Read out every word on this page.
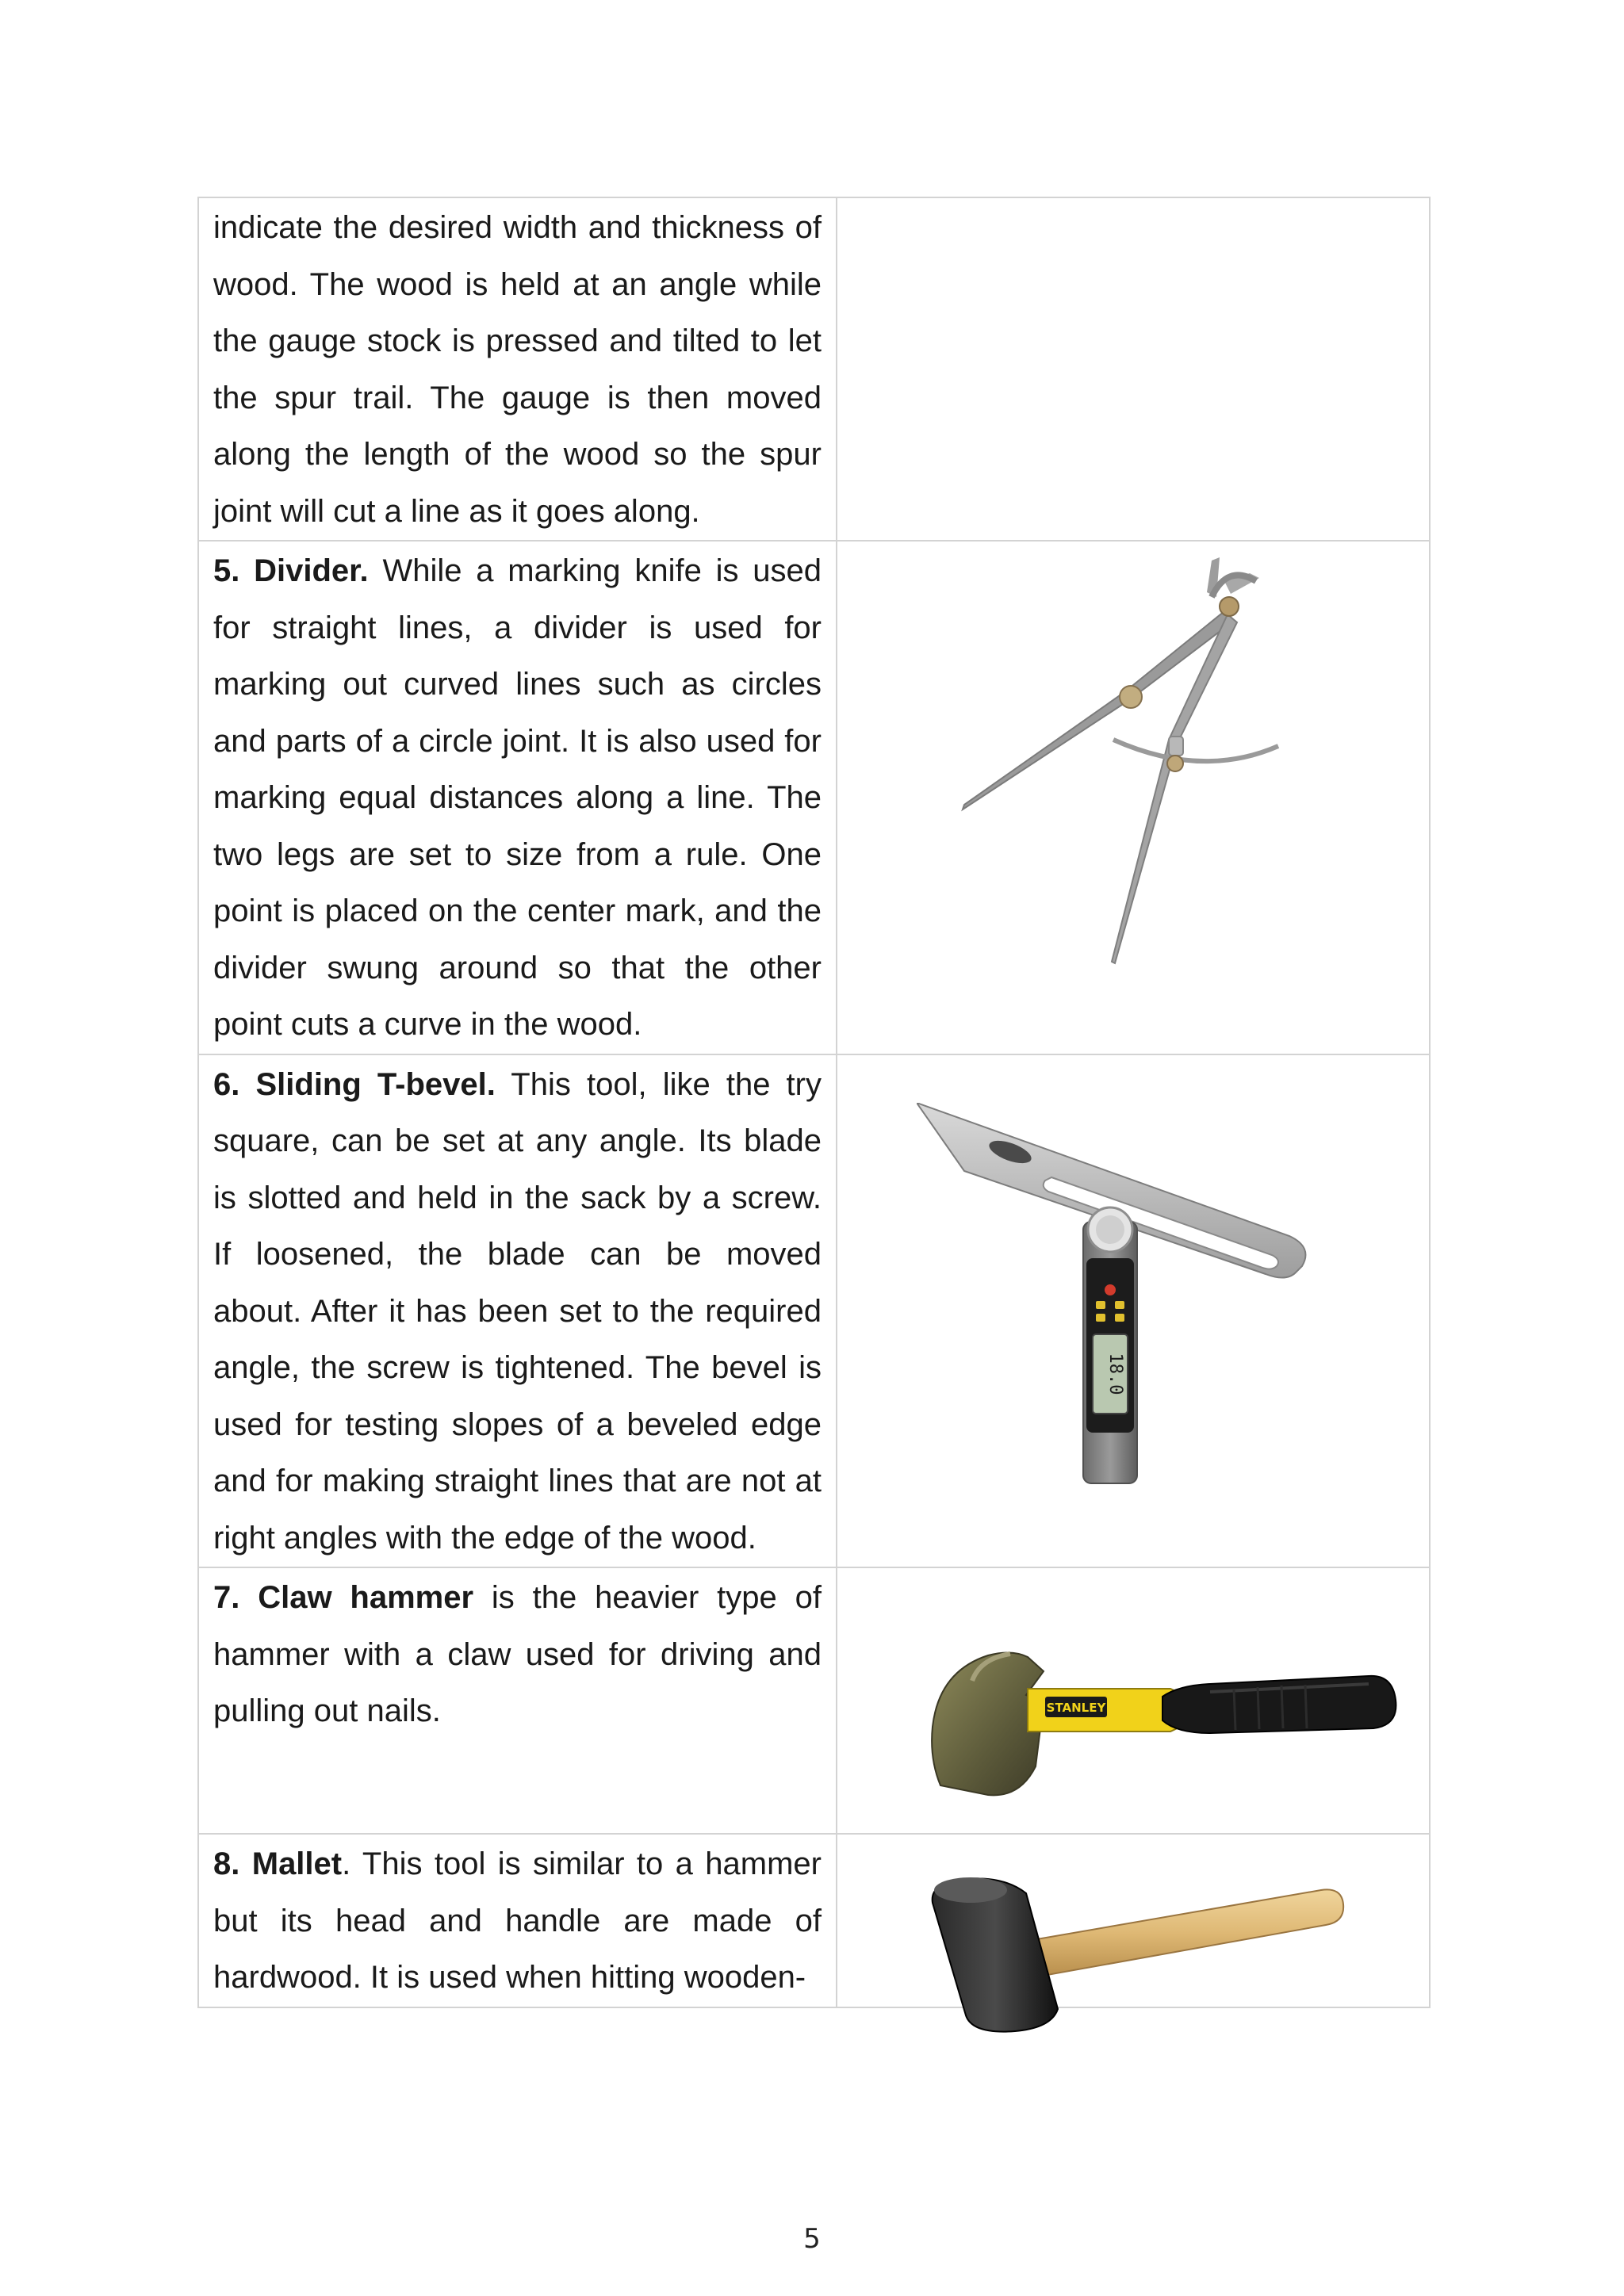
indicate the desired width and thickness of wood. The wood is held at an angle while the gauge stock is pressed and tilted to let the spur trail. The gauge is then moved along the length of the wood so the spur joint will cut a line as it goes along.	

5. Divider. While a marking knife is used for straight lines, a divider is used for marking out curved lines such as circles and parts of a circle joint. It is also used for marking equal distances along a line. The two legs are set to size from a rule. One point is placed on the center mark, and the divider swung around so that the other point cuts a curve in the wood.

6. Sliding T-bevel. This tool, like the try square, can be set at any angle. Its blade is slotted and held in the sack by a screw. If loosened, the blade can be moved about. After it has been set to the required angle, the screw is tightened. The bevel is used for testing slopes of a beveled edge and for making straight lines that are not at right angles with the edge of the wood.	18.0

7. Claw hammer is the heavier type of hammer with a claw used for driving and pulling out nails.	STANLEY

8. Mallet. This tool is similar to a hammer but its head and handle are made of hardwood. It is used when hitting wooden-

5
